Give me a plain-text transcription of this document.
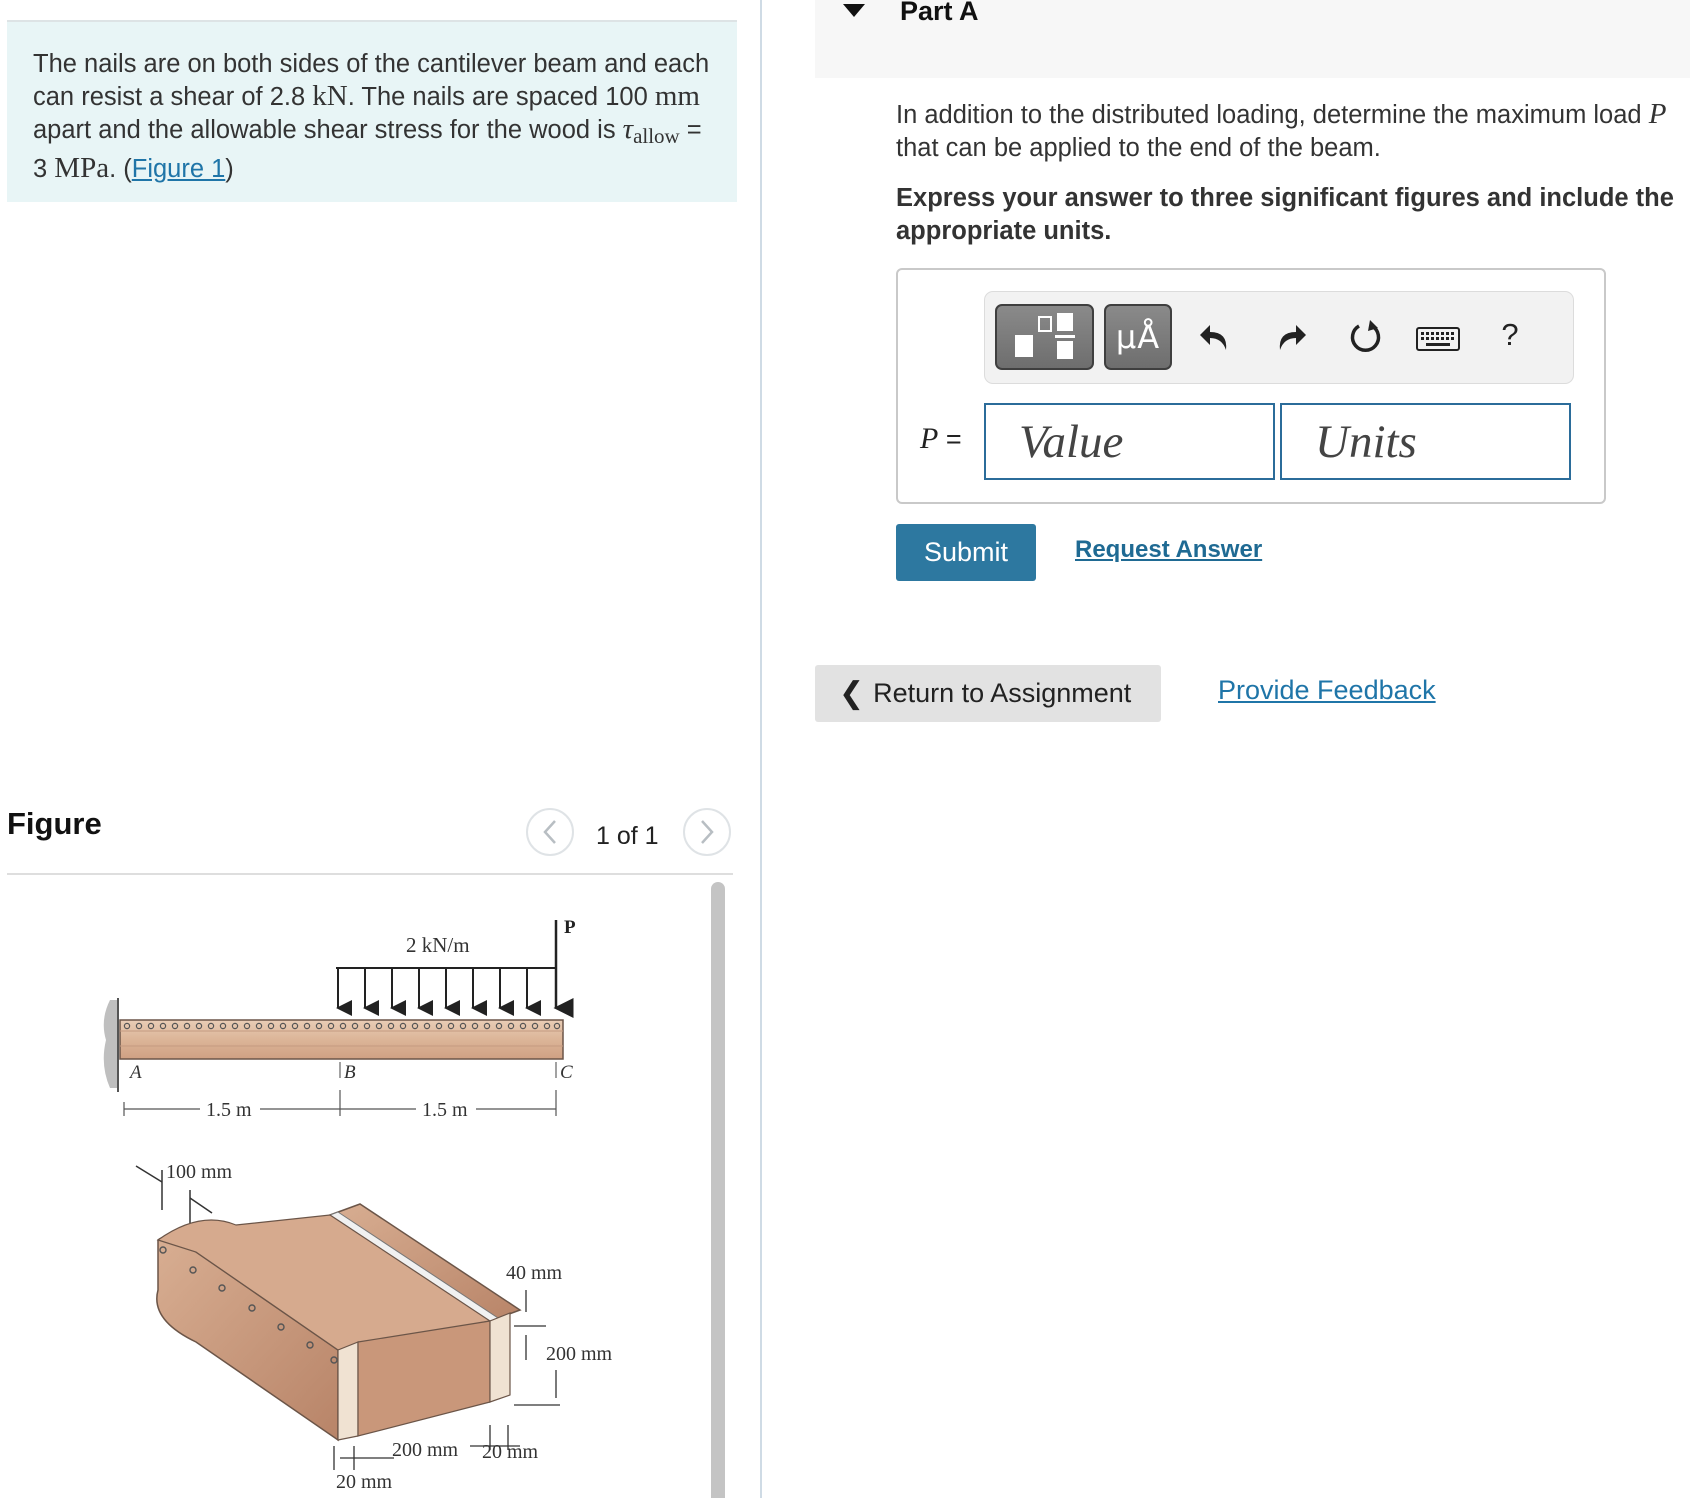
The nails are on both sides of the cantilever beam and each can resist a shear of 2.8 kN. The nails are spaced 100 mm apart and the allowable shear stress for the wood is $\tau_{allow} = 3$ MPa. (Figure 1)
Figure	1 of 1
2 kN/m
P
A	B	C
1.5 m	1.5 m
100 mm
40 mm
200 mm
200 mm 20 mm
20 mm
Part A
In addition to the distributed loading, determine the maximum load P that can be applied to the end of the beam.
Express your answer to three significant figures and include the appropriate units.
μÅ	?
P =
Value
Units
Submit	Request Answer
❮ Return to Assignment	Provide Feedback
